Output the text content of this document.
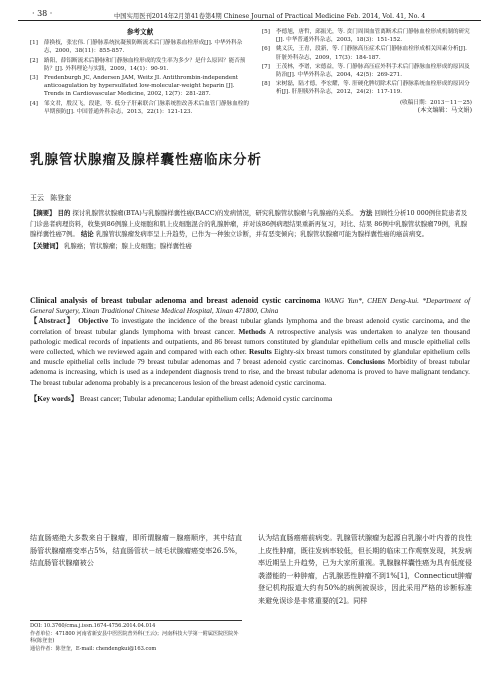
· 38 ·	中国实用医刊2014年2月第41卷第4期 Chinese Journal of Practical Medicine Feb. 2014, Vol. 41, No. 4
参考文献
[1]	薛换枝，张宏伟. 门静脉系统抗凝预防断流术后门静脉系血栓形成[J]. 中华外科杂志，2000，38(11)：855-857.
[2]	路阳，薛铝断流术后静脉和门静脉血栓形成的发生率为多少？是什么原因？能否预防？[J]. 外科理论与实践，2009，14(1)：90-91.
[3]	Fredenburgh JC, Andersen JAM, Weitz JI. Antithrombin-independent anticoagulation by hypersulfated low-molecular-weight heparin [J]. Trends in Cardiovascular Medicine, 2002, 12(7)：281-287.
[4]	邹文君，殷汉飞，段建，等. 低分子肝素联合门脉系统腔改善术后血管门静脉血栓的早期预防[J]. 中国普通外科杂志，2013，22(1)：121-123.
[5]	李德旭，唐哲，邱振光，等. 贲门周围血管离断术后门静脉血栓形成机制的研究[J]. 中华普通外科杂志，2003，18(3)：151-152.
[6]	姚义沃，王青，段新，等. 门静脉高压症术后门静脉血栓形成相关因素分析[J]. 肝脏外科杂志，2009，17(3)：184-187.
[7]	王茂林，李谱，宋德益，等. 门静脉高压症外科手术后门静脉血栓形成的原因及防治[J]. 中华外科杂志，2004，42(5)：269-271.
[8]	宋树磊，陆才德，李宏耀，等. 肝硬化脾切除术后门静脉系统血栓形成的原因分析[J]. 肝胆胰外科杂志，2012，24(2)：117-119.
(收稿日期：2013－11－25)
(本文编辑：马文娟)
乳腺管状腺瘤及腺样囊性癌临床分析
王云 陈登奎
【摘要】 目的 探讨乳腺管状腺瘤(BTA)与乳腺腺样囊性癌(BACC)的发病情况，研究乳腺管状腺瘤与乳腺癌的关系。 方法 回顾性分析10 000例住院患者及门诊患者病理资料，收集到86例腺上皮细胞和肌上皮细胞混合的乳腺肿瘤，并对该86例病理结果重新再复习，对比、结果 86例中乳腺管状腺瘤79例，乳腺腺样囊性癌7例。 结论 乳腺管状腺瘤发病率呈上升趋势，已作为一种独立诊断，并有恶变倾向；乳腺管状腺瘤可能为腺样囊性癌的癌前病变。
【关键词】 乳腺癌；管状腺瘤；腺上皮细胞；腺样囊性癌
Clinical analysis of breast tubular adenoma and breast adenoid cystic carcinoma WANG Yun*, CHEN Deng-kui. *Department of General Surgery, Xinan Traditional Chinese Medical Hospital, Xinan 471800, China
【Abstract】 Objective To investigate the incidence of the breast tubular glands lymphoma and the breast adenoid cystic carcinoma, and the correlation of breast tubular glands lymphoma with breast cancer. Methods A retrospective analysis was undertaken to analyze ten thousand pathologic medical records of inpatients and outpatients, and 86 breast tumors constituted by glandular epithelium cells and muscle epithelial cells were collected, which we reviewed again and compared with each other. Results Eighty-six breast tumors constituted by glandular epithelium cells and muscle epithelial cells include 79 breast tubular adenomas and 7 breast adenoid cystic carcinomas. Conclusions Morbidity of breast tubular adenoma is increasing, which is used as a independent diagnosis trend to rise, and the breast tubular adenoma is proved to have malignant tendancy. The breast tubular adenoma probably is a precancerous lesion of the breast adenoid cystic carcinoma.
【Key words】 Breast cancer; Tubular adenoma; Landular epithelium cells; Adenoid cystic carcinoma
结直肠癌绝大多数来自于腺瘤，即所谓腺瘤－腺癌顺序，其中结直肠管状腺瘤癌变率占5%，结直肠管状－绒毛状腺瘤癌变率26.5%，结直肠管状腺瘤被公
认为结直肠癌癌前病变。乳腺管状腺瘤为起源自乳腺小叶内普的良性上皮性肿瘤，既往发病率较低，但长期的临床工作观察发现，其发病率近期呈上升趋势，已为大家所重视。乳腺腺样囊性癌为具有低度侵袭潜能的一种肿瘤，占乳腺恶性肿瘤不到1%[1]，Connecticut肿瘤登记机构报道大约有50%的病例被误诊，因此采用严格的诊断标准来避免误诊是非常重要的[2]。同样
DOI: 10.3760/cma.j.issn.1674-4756.2014.04.014
作者单位：471800 河南省新安县中医医院普外科(王云)；河南科技大学第一附属医院医院外科(陈登奎)
通信作者：陈登奎，E-mail: chendengkui@163.com
